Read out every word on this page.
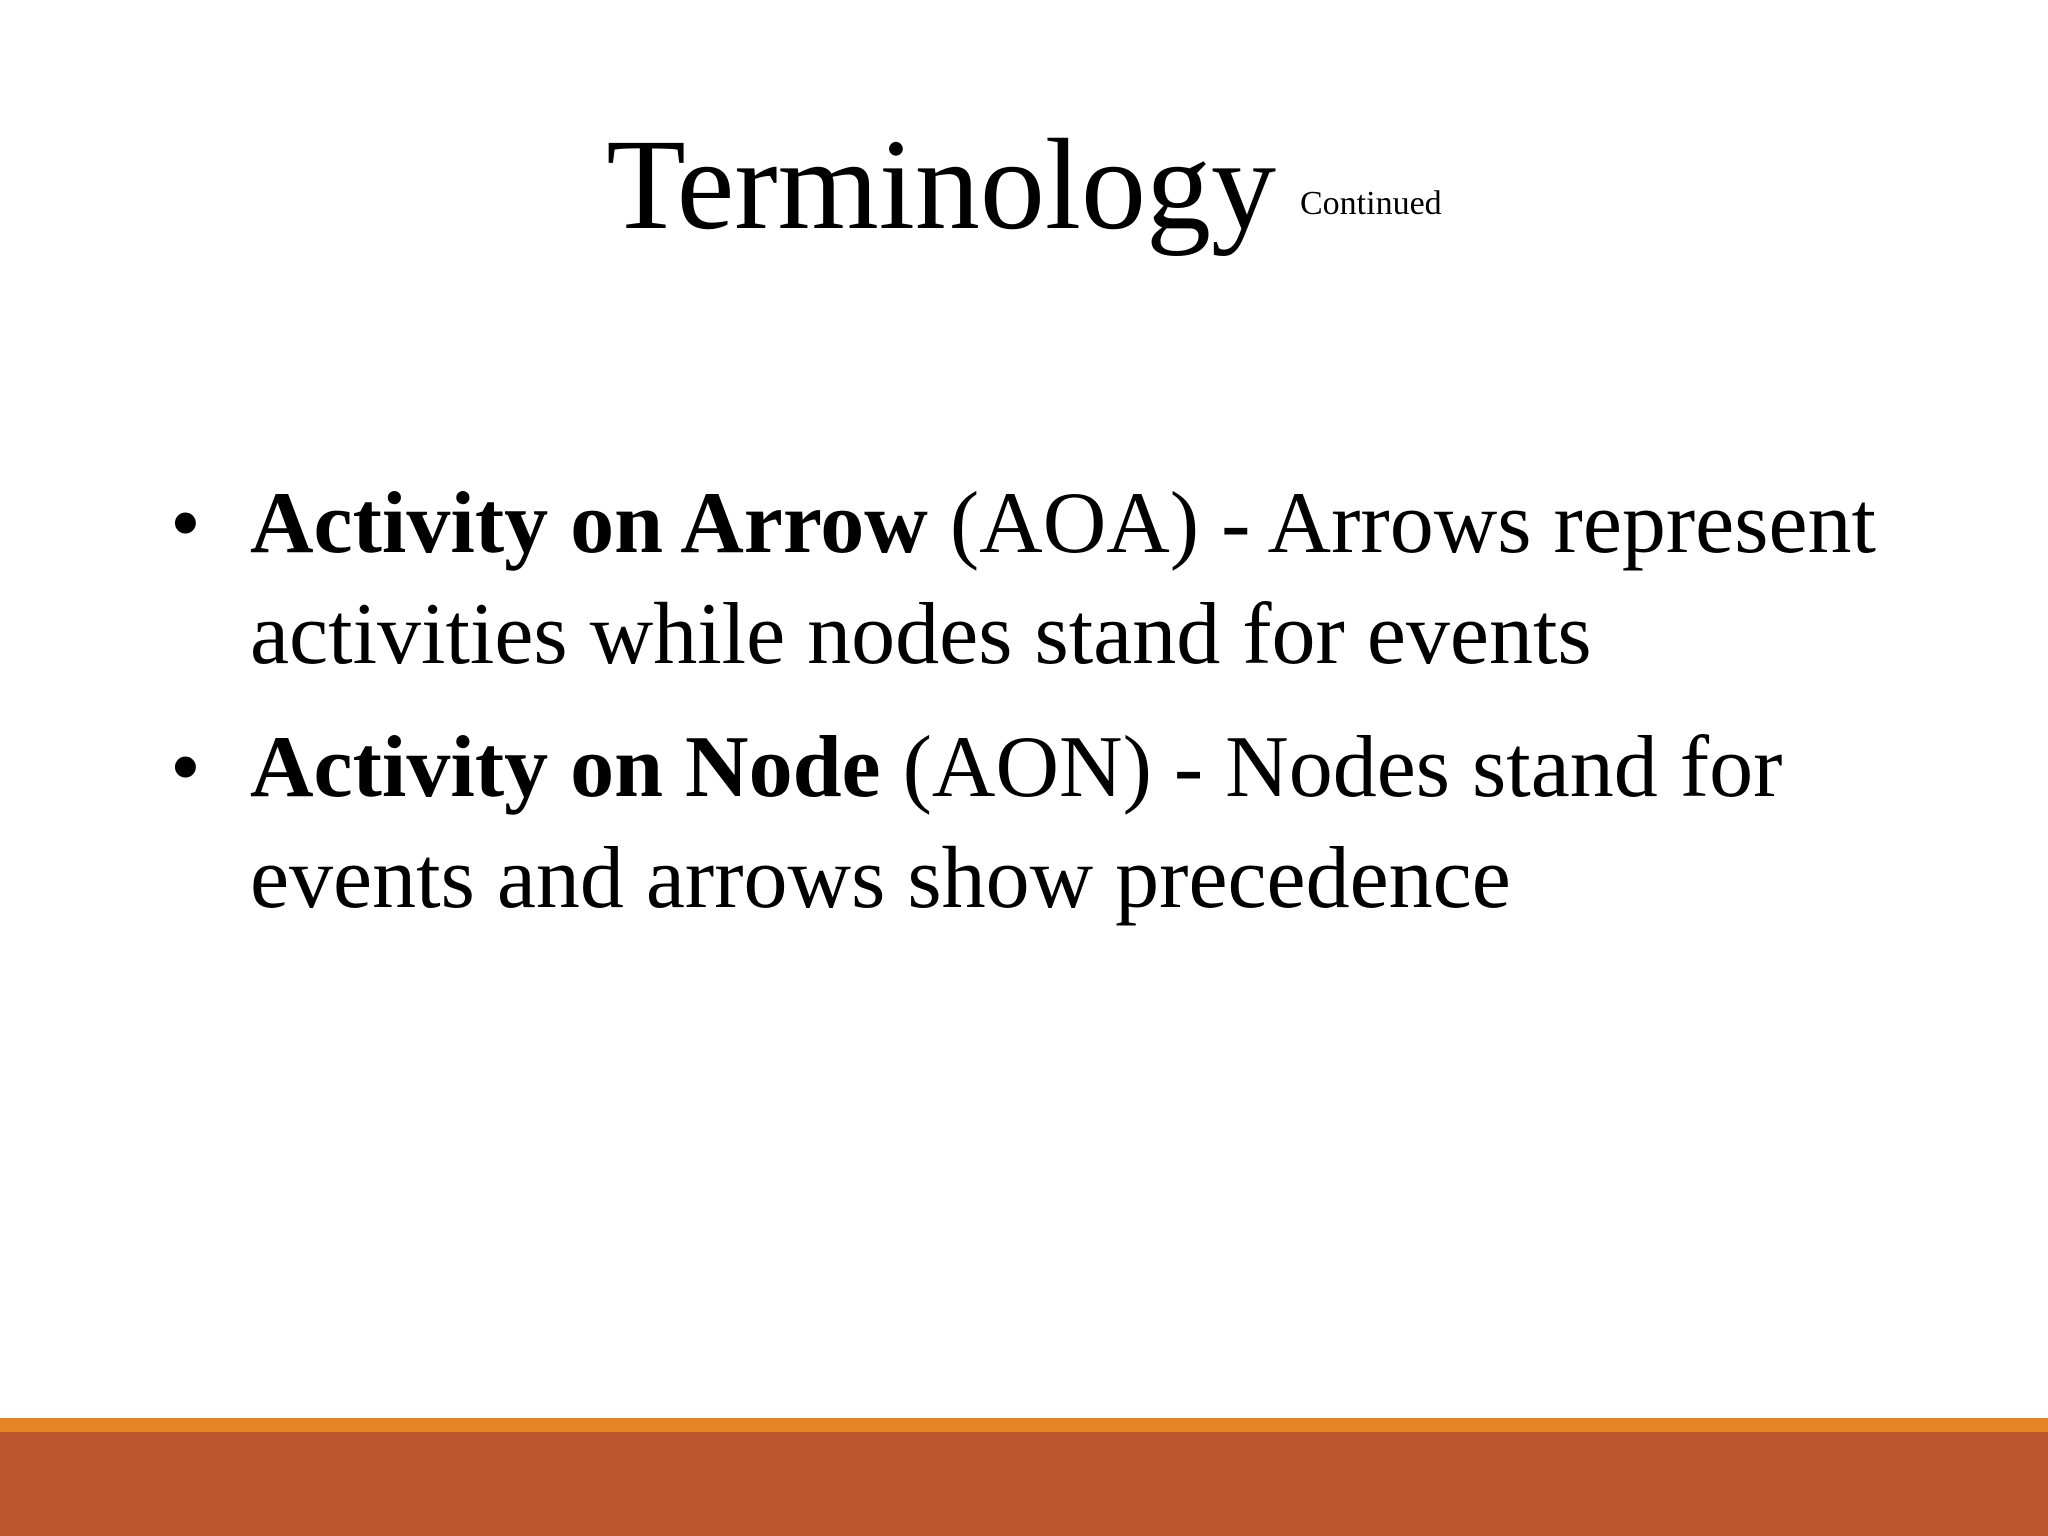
Terminology Continued
• Activity on Arrow (AOA) - Arrows represent activities while nodes stand for events
• Activity on Node (AON) - Nodes stand for events and arrows show precedence
